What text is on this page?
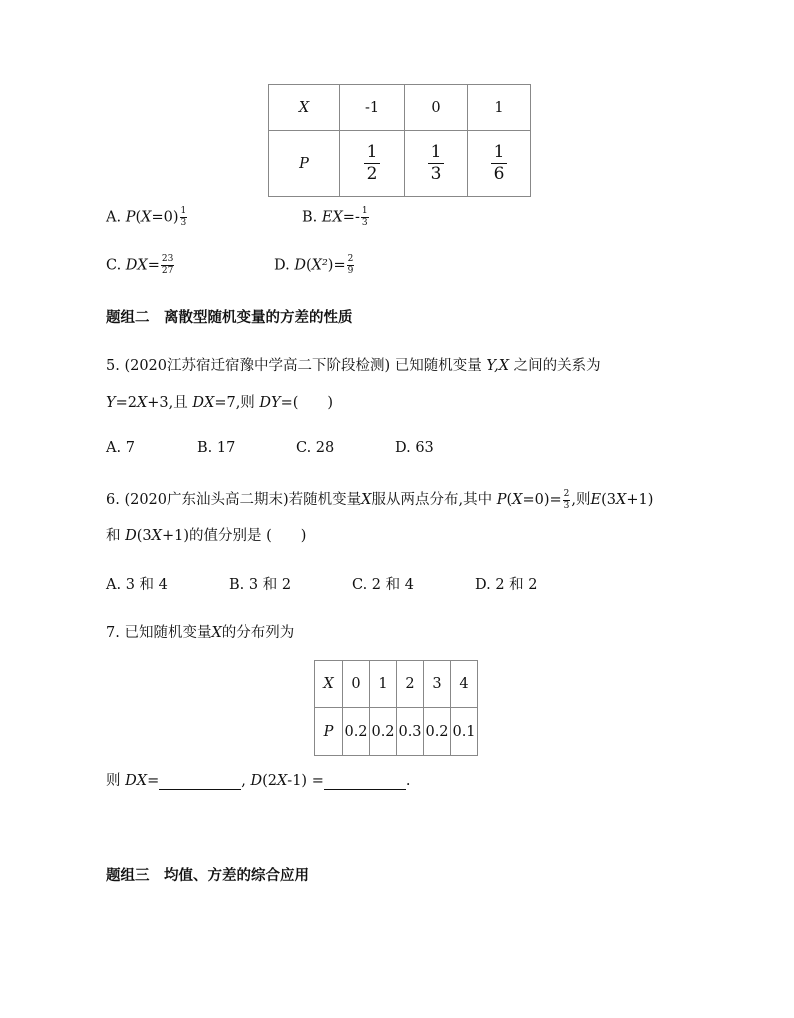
X	-1	0	1
P	$\frac{1}{2}$	$\frac{1}{3}$	$\frac{1}{6}$
A. $P(X=0) \frac{1}{3}$	B. $EX=- \frac{1}{3}$
C. $DX= \frac{23}{27}$	D. $D(X^2)= \frac{2}{9}$
题组二　离散型随机变量的方差的性质
5. (2020江苏宿迁宿豫中学高二下阶段检测) 已知随机变量 Y,X 之间的关系为
Y=2X+3,且 DX=7,则 DY=(　　)
A. 7	B. 17	C. 28	D. 63
6. (2020广东汕头高二期末)若随机变量X服从两点分布,其中 $P(X=0)= \frac{2}{3}$ ,则E(3X+1)
和 D(3X+1)的值分别是 (　　)
A. 3 和 4	B. 3 和 2	C. 2 和 4	D. 2 和 2
7. 已知随机变量X的分布列为
X	0	1	2	3	4
P	0.2	0.2	0.3	0.2	0.1
则 DX=	, D(2X-1) =	.
题组三　均值、方差的综合应用
